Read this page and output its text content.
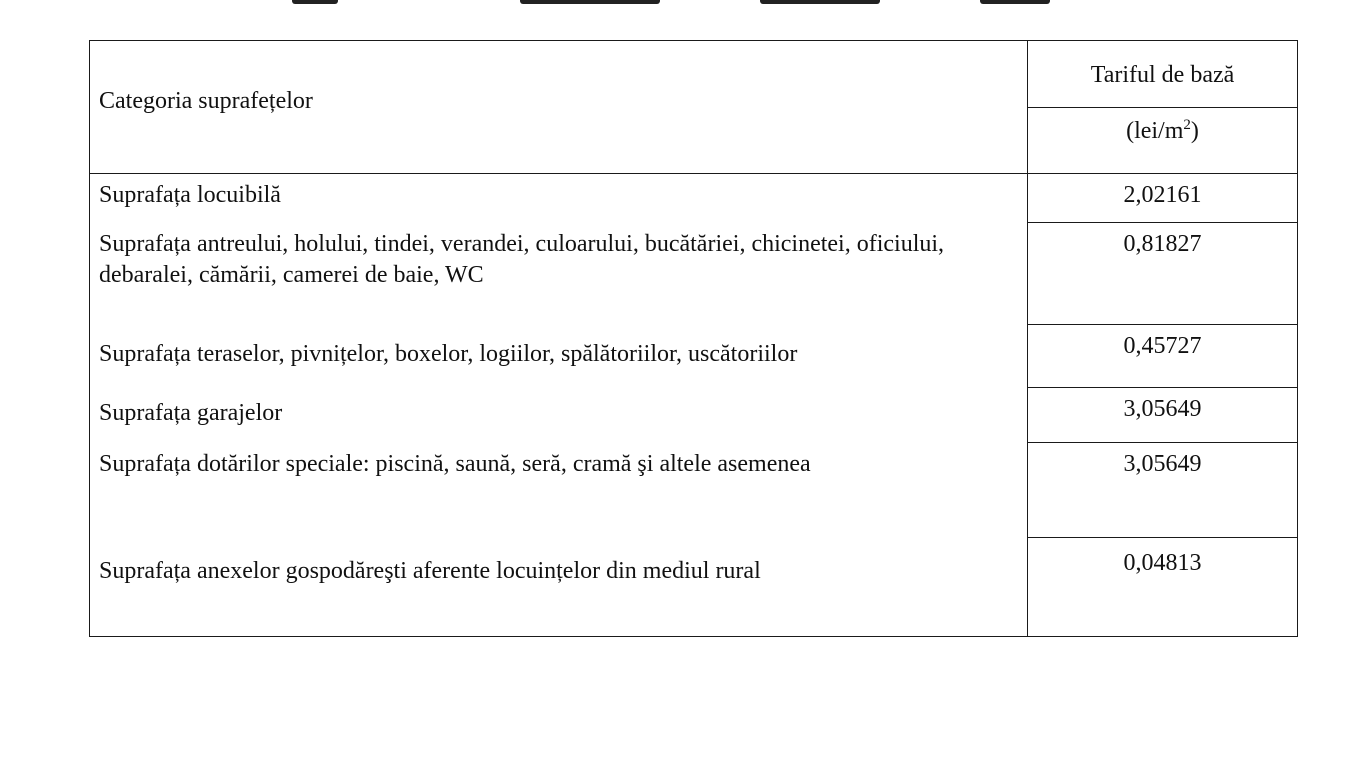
Categoria suprafețelor	Tariful de bază
	$(lei/m^2)$
Suprafața locuibilă	2,02161
Suprafața antreului, holului, tindei, verandei, culoarului, bucătăriei, chicinetei, oficiului, debaralei, cămării, camerei de baie, WC	0,81827
Suprafața teraselor, pivnițelor, boxelor, logiilor, spălătoriilor, uscătoriilor	0,45727
Suprafața garajelor	3,05649
Suprafața dotărilor speciale: piscină, saună, seră, cramă şi altele asemenea	3,05649
Suprafața anexelor gospodăreşti aferente locuințelor din mediul rural	0,04813
